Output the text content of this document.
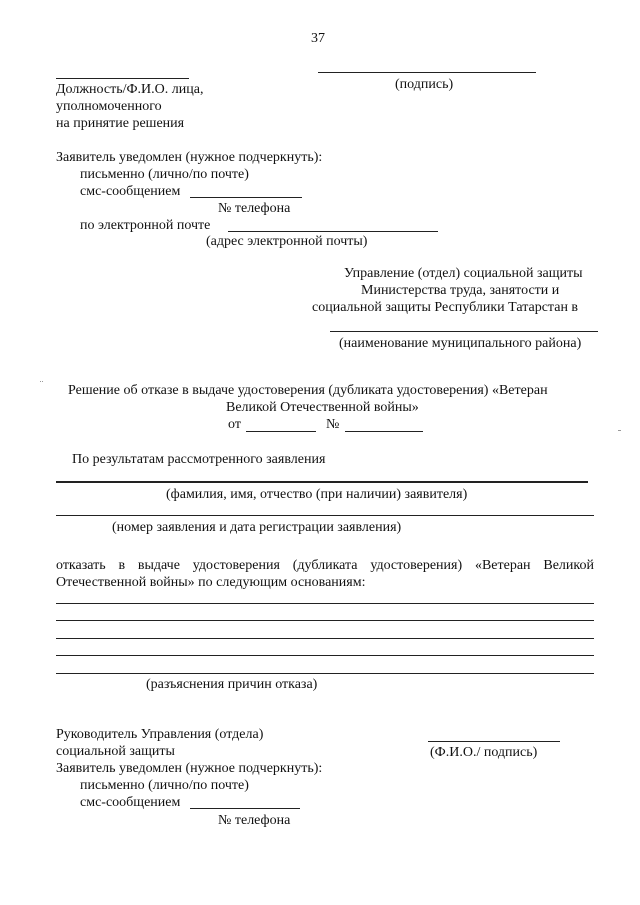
37
Должность/Ф.И.О. лица,
уполномоченного
на принятие решения
(подпись)
Заявитель уведомлен (нужное подчеркнуть):
письменно (лично/по почте)
смс-сообщением
№ телефона
по электронной почте
(адрес электронной почты)
Управление (отдел) социальной защиты
Министерства труда, занятости и
социальной защиты Республики Татарстан в
(наименование муниципального района)
Решение об отказе в выдаче удостоверения (дубликата удостоверения) «Ветеран
Великой Отечественной войны»
от	№
По результатам рассмотренного заявления
(фамилия, имя, отчество (при наличии) заявителя)
(номер заявления и дата регистрации заявления)
отказать в выдаче удостоверения (дубликата удостоверения) «Ветеран Великой Отечественной войны» по следующим основаниям:
(разъяснения причин отказа)
Руководитель Управления (отдела)
социальной защиты	(Ф.И.О./ подпись)
Заявитель уведомлен (нужное подчеркнуть):
письменно (лично/по почте)
смс-сообщением
№ телефона
